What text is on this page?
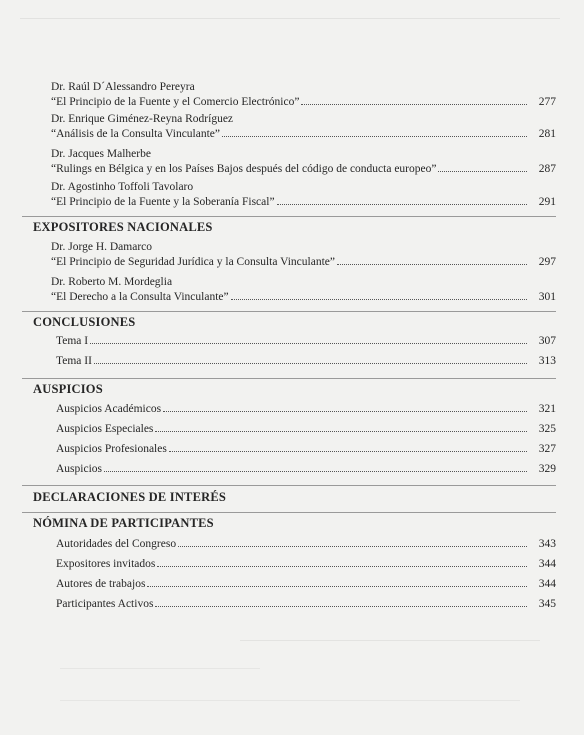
Dr. Raúl D´Alessandro Pereyra
“El Principio de la Fuente y el Comercio Electrónico”	277
Dr. Enrique Giménez-Reyna Rodríguez
“Análisis de la Consulta Vinculante”	281
Dr. Jacques Malherbe
“Rulings en Bélgica y en los Países Bajos después del código de conducta europeo”	287
Dr. Agostinho Toffoli Tavolaro
“El Principio de la Fuente y la Soberanía Fiscal”	291
EXPOSITORES NACIONALES
Dr. Jorge H. Damarco
“El Principio de Seguridad Jurídica y la Consulta Vinculante”	297
Dr. Roberto M. Mordeglia
“El Derecho a la Consulta Vinculante”	301
CONCLUSIONES
Tema I	307
Tema II	313
AUSPICIOS
Auspicios Académicos	321
Auspicios Especiales	325
Auspicios Profesionales	327
Auspicios	329
DECLARACIONES DE INTERÉS
NÓMINA DE PARTICIPANTES
Autoridades del Congreso	343
Expositores invitados	344
Autores de trabajos	344
Participantes Activos	345
